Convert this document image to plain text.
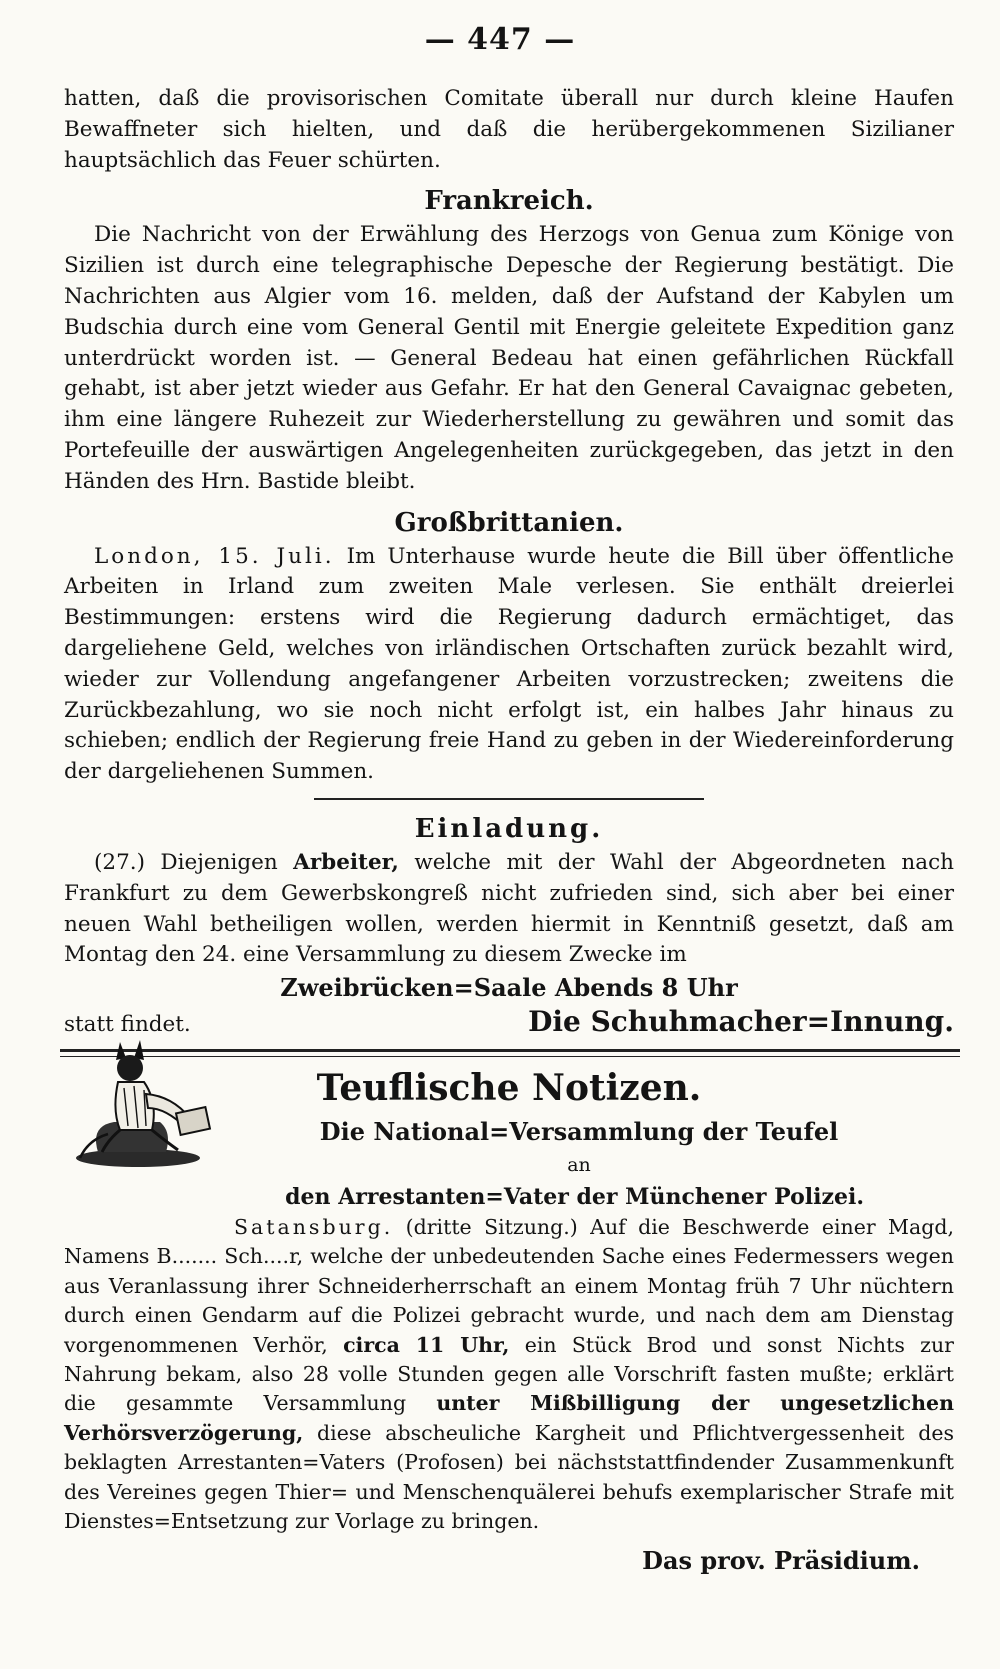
— 447 —

hatten, daß die provisorischen Comitate überall nur durch kleine Haufen Bewaffneter sich hielten, und daß die herübergekommenen Sizilianer hauptsächlich das Feuer schürten.

Frankreich.

Die Nachricht von der Erwählung des Herzogs von Genua zum Könige von Sizilien ist durch eine telegraphische Depesche der Regierung bestätigt. Die Nachrichten aus Algier vom 16. melden, daß der Aufstand der Kabylen um Budschia durch eine vom General Gentil mit Energie geleitete Expedition ganz unterdrückt worden ist. — General Bedeau hat einen gefährlichen Rückfall gehabt, ist aber jetzt wieder aus Gefahr. Er hat den General Cavaignac gebeten, ihm eine längere Ruhezeit zur Wiederherstellung zu gewähren und somit das Portefeuille der auswärtigen Angelegenheiten zurückgegeben, das jetzt in den Händen des Hrn. Bastide bleibt.

Großbrittanien.

London, 15. Juli. Im Unterhause wurde heute die Bill über öffentliche Arbeiten in Irland zum zweiten Male verlesen. Sie enthält dreierlei Bestimmungen: erstens wird die Regierung dadurch ermächtiget, das dargeliehene Geld, welches von irländischen Ortschaften zurück bezahlt wird, wieder zur Vollendung angefangener Arbeiten vorzustrecken; zweitens die Zurückbezahlung, wo sie noch nicht erfolgt ist, ein halbes Jahr hinaus zu schieben; endlich der Regierung freie Hand zu geben in der Wiedereinforderung der dargeliehenen Summen.

Einladung.

(27.) Diejenigen Arbeiter, welche mit der Wahl der Abgeordneten nach Frankfurt zu dem Gewerbskongreß nicht zufrieden sind, sich aber bei einer neuen Wahl betheiligen wollen, werden hiermit in Kenntniß gesetzt, daß am Montag den 24. eine Versammlung zu diesem Zwecke im

Zweibrücken=Saale Abends 8 Uhr

statt findet.	Die Schuhmacher=Innung.
Teuflische Notizen.

Die National=Versammlung der Teufel

an

den Arrestanten=Vater der Münchener Polizei.

Satansburg. (dritte Sitzung.) Auf die Beschwerde einer Magd, Namens B....... Sch....r, welche der unbedeutenden Sache eines Federmessers wegen aus Veranlassung ihrer Schneiderherrschaft an einem Montag früh 7 Uhr nüchtern durch einen Gendarm auf die Polizei gebracht wurde, und nach dem am Dienstag vorgenommenen Verhör, circa 11 Uhr, ein Stück Brod und sonst Nichts zur Nahrung bekam, also 28 volle Stunden gegen alle Vorschrift fasten mußte; erklärt die gesammte Versammlung unter Mißbilligung der ungesetzlichen Verhörsverzögerung, diese abscheuliche Kargheit und Pflichtvergessenheit des beklagten Arrestanten=Vaters (Profosen) bei nächststattfindender Zusammenkunft des Vereines gegen Thier= und Menschenquälerei behufs exemplarischer Strafe mit Dienstes=Entsetzung zur Vorlage zu bringen.

Das prov. Präsidium.
